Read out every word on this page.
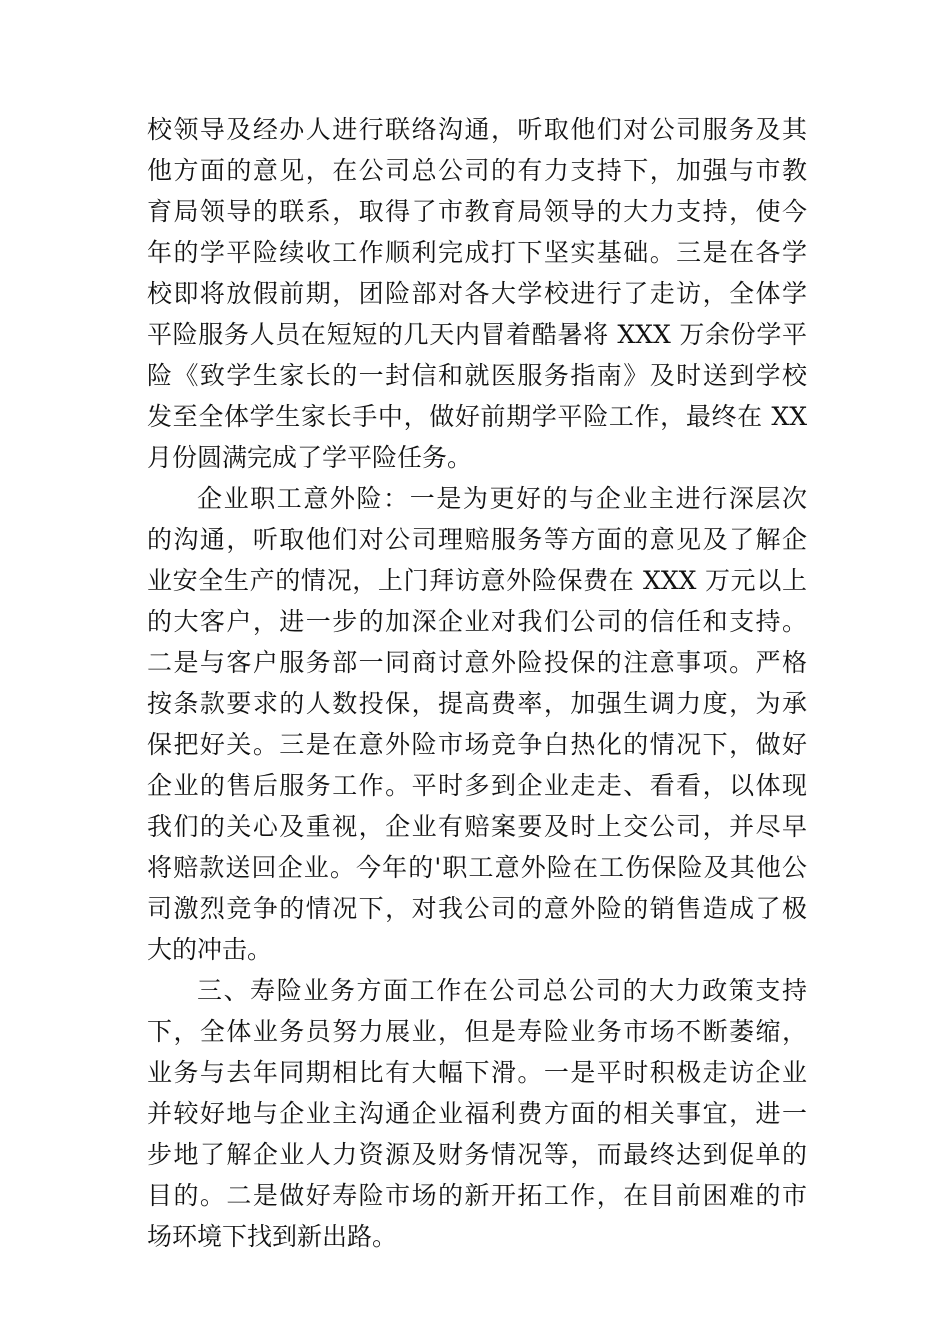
校领导及经办人进行联络沟通，听取他们对公司服务及其
他方面的意见，在公司总公司的有力支持下，加强与市教
育局领导的联系，取得了市教育局领导的大力支持，使今
年的学平险续收工作顺利完成打下坚实基础。三是在各学
校即将放假前期，团险部对各大学校进行了走访，全体学
平险服务人员在短短的几天内冒着酷暑将 XXX 万余份学平
险《致学生家长的一封信和就医服务指南》及时送到学校
发至全体学生家长手中，做好前期学平险工作，最终在 XX
月份圆满完成了学平险任务。
企业职工意外险：一是为更好的与企业主进行深层次
的沟通，听取他们对公司理赔服务等方面的意见及了解企
业安全生产的情况，上门拜访意外险保费在 XXX 万元以上
的大客户，进一步的加深企业对我们公司的信任和支持。
二是与客户服务部一同商讨意外险投保的注意事项。严格
按条款要求的人数投保，提高费率，加强生调力度，为承
保把好关。三是在意外险市场竞争白热化的情况下，做好
企业的售后服务工作。平时多到企业走走、看看，以体现
我们的关心及重视，企业有赔案要及时上交公司，并尽早
将赔款送回企业。今年的'职工意外险在工伤保险及其他公
司激烈竞争的情况下，对我公司的意外险的销售造成了极
大的冲击。
三、寿险业务方面工作在公司总公司的大力政策支持
下，全体业务员努力展业，但是寿险业务市场不断萎缩，
业务与去年同期相比有大幅下滑。一是平时积极走访企业
并较好地与企业主沟通企业福利费方面的相关事宜，进一
步地了解企业人力资源及财务情况等，而最终达到促单的
目的。二是做好寿险市场的新开拓工作，在目前困难的市
场环境下找到新出路。
